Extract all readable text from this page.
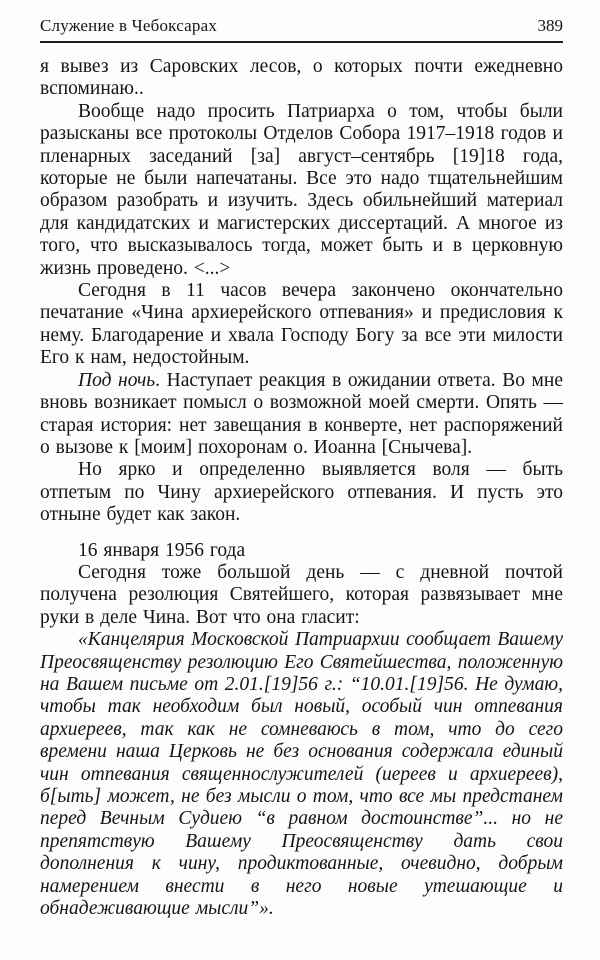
Служение в Чебоксарах	389

я вывез из Саровских лесов, о которых почти ежедневно вспоминаю..

Вообще надо просить Патриарха о том, чтобы были разысканы все протоколы Отделов Собора 1917–1918 годов и пленарных заседаний [за] август–сентябрь [19]18 года, которые не были напечатаны. Все это надо тщательнейшим образом разобрать и изучить. Здесь обильнейший материал для кандидатских и магистерских диссертаций. А многое из того, что высказывалось тогда, может быть и в церковную жизнь проведено. <...>

Сегодня в 11 часов вечера закончено окончательно печатание «Чина архиерейского отпевания» и предисловия к нему. Благодарение и хвала Господу Богу за все эти милости Его к нам, недостойным.

Под ночь. Наступает реакция в ожидании ответа. Во мне вновь возникает помысл о возможной моей смерти. Опять — старая история: нет завещания в конверте, нет распоряжений о вызове к [моим] похоронам о. Иоанна [Снычева].

Но ярко и определенно выявляется воля — быть отпетым по Чину архиерейского отпевания. И пусть это отныне будет как закон.

16 января 1956 года

Сегодня тоже большой день — с дневной почтой получена резолюция Святейшего, которая развязывает мне руки в деле Чина. Вот что она гласит:

«Канцелярия Московской Патриархии сообщает Вашему Преосвященству резолюцию Его Святейшества, положенную на Вашем письме от 2.01.[19]56 г.: “10.01.[19]56. Не думаю, чтобы так необходим был новый, особый чин отпевания архиереев, так как не сомневаюсь в том, что до сего времени наша Церковь не без основания содержала единый чин отпевания священнослужителей (иереев и архиереев), б[ыть] может, не без мысли о том, что все мы предстанем перед Вечным Судиею “в равном достоинстве”... но не препятствую Вашему Преосвященству дать свои дополнения к чину, продиктованные, очевидно, добрым намерением внести в него новые утешающие и обнадеживающие мысли”».
